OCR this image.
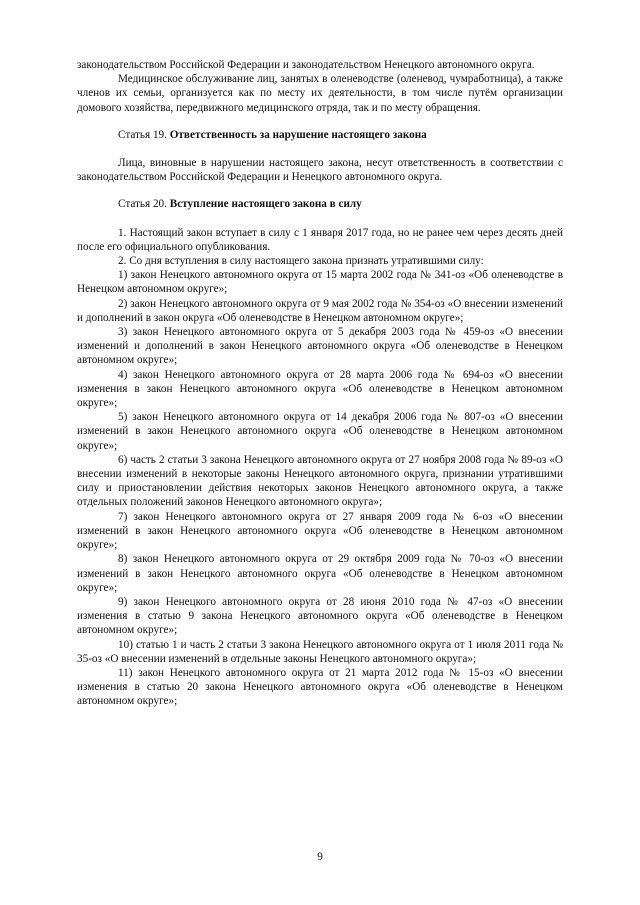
законодательством Российской Федерации и законодательством Ненецкого автономного округа.

Медицинское обслуживание лиц, занятых в оленеводстве (оленевод, чумработница), а также членов их семьи, организуется как по месту их деятельности, в том числе путём организации домового хозяйства, передвижного медицинского отряда, так и по месту обращения.

Статья 19. Ответственность за нарушение настоящего закона

Лица, виновные в нарушении настоящего закона, несут ответственность в соответствии с законодательством Российской Федерации и Ненецкого автономного округа.

Статья 20. Вступление настоящего закона в силу

1. Настоящий закон вступает в силу с 1 января 2017 года, но не ранее чем через десять дней после его официального опубликования.

2. Со дня вступления в силу настоящего закона признать утратившими силу:

1) закон Ненецкого автономного округа от 15 марта 2002 года № 341-оз «Об оленеводстве в Ненецком автономном округе»;

2) закон Ненецкого автономного округа от 9 мая 2002 года № 354-оз «О внесении изменений и дополнений в закон округа «Об оленеводстве в Ненецком автономном округе»;

3) закон Ненецкого автономного округа от 5 декабря 2003 года № 459-оз «О внесении изменений и дополнений в закон Ненецкого автономного округа «Об оленеводстве в Ненецком автономном округе»;

4) закон Ненецкого автономного округа от 28 марта 2006 года № 694-оз «О внесении изменения в закон Ненецкого автономного округа «Об оленеводстве в Ненецком автономном округе»;

5) закон Ненецкого автономного округа от 14 декабря 2006 года № 807-оз «О внесении изменений в закон Ненецкого автономного округа «Об оленеводстве в Ненецком автономном округе»;

6) часть 2 статьи 3 закона Ненецкого автономного округа от 27 ноября 2008 года № 89-оз «О внесении изменений в некоторые законы Ненецкого автономного округа, признании утратившими силу и приостановлении действия некоторых законов Ненецкого автономного округа, а также отдельных положений законов Ненецкого автономного округа»;

7) закон Ненецкого автономного округа от 27 января 2009 года № 6-оз «О внесении изменений в закон Ненецкого автономного округа «Об оленеводстве в Ненецком автономном округе»;

8) закон Ненецкого автономного округа от 29 октября 2009 года № 70-оз «О внесении изменений в закон Ненецкого автономного округа «Об оленеводстве в Ненецком автономном округе»;

9) закон Ненецкого автономного округа от 28 июня 2010 года № 47-оз «О внесении изменения в статью 9 закона Ненецкого автономного округа «Об оленеводстве в Ненецком автономном округе»;

10) статью 1 и часть 2 статьи 3 закона Ненецкого автономного округа от 1 июля 2011 года № 35-оз «О внесении изменений в отдельные законы Ненецкого автономного округа»;

11) закон Ненецкого автономного округа от 21 марта 2012 года № 15-оз «О внесении изменения в статью 20 закона Ненецкого автономного округа «Об оленеводстве в Ненецком автономном округе»;

9
